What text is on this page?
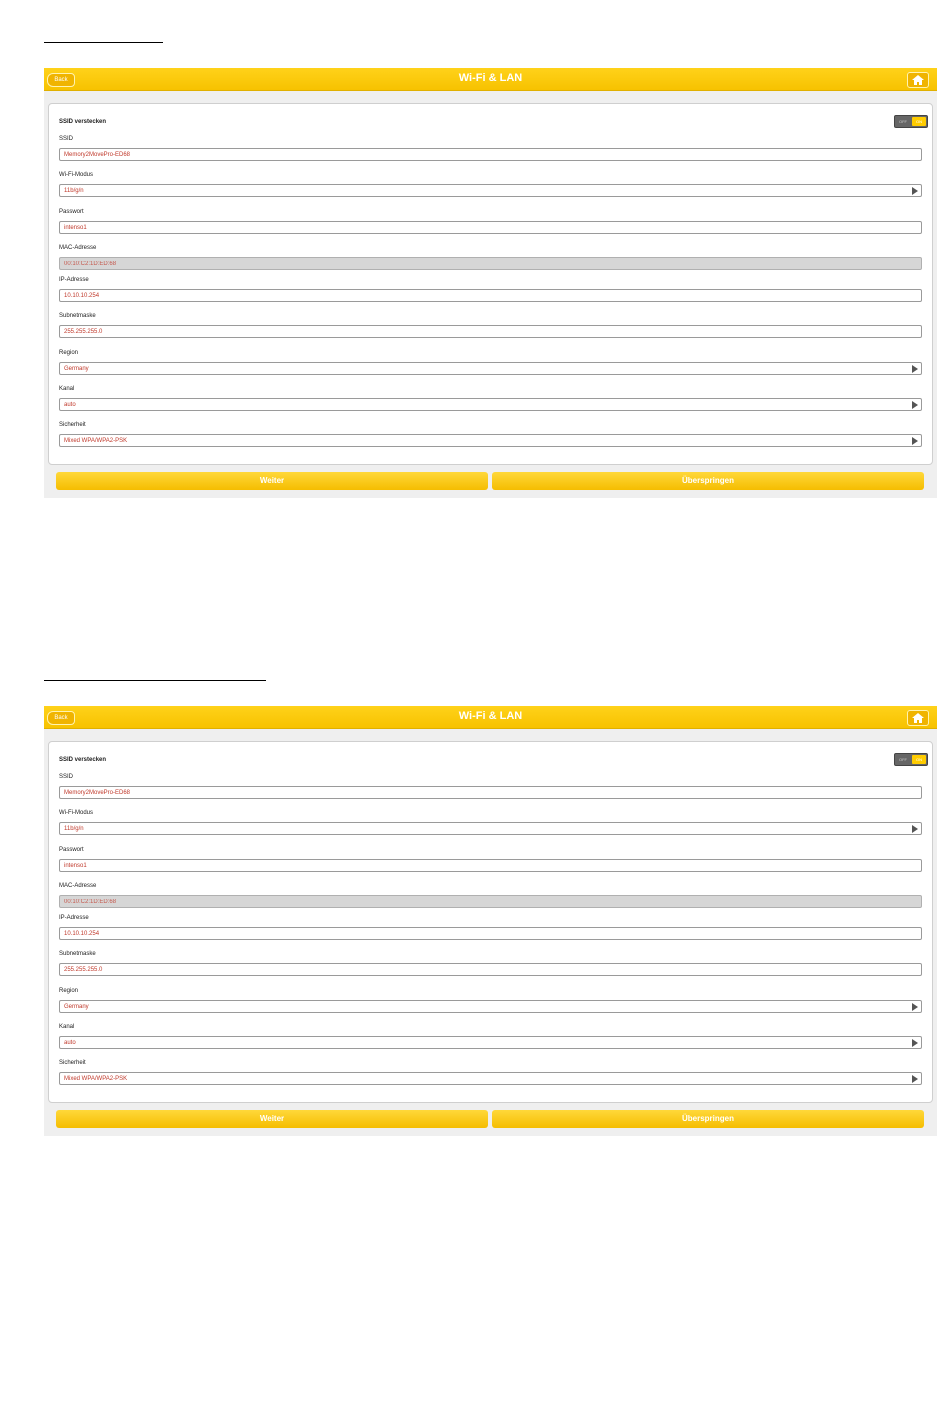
Back	Wi-Fi & LAN
SSID verstecken	OFF	ON
SSID
Memory2MovePro-ED68
Wi-Fi-Modus
11b/g/n
Passwort
intenso1
MAC-Adresse
00:10:C2:1D:ED:68
IP-Adresse
10.10.10.254
Subnetmaske
255.255.255.0
Region
Germany
Kanal
auto
Sicherheit
Mixed WPA/WPA2-PSK
Weiter	Überspringen
Back	Wi-Fi & LAN
SSID verstecken	OFF	ON
SSID
Memory2MovePro-ED68
Wi-Fi-Modus
11b/g/n
Passwort
intenso1
MAC-Adresse
00:10:C2:1D:ED:68
IP-Adresse
10.10.10.254
Subnetmaske
255.255.255.0
Region
Germany
Kanal
auto
Sicherheit
Mixed WPA/WPA2-PSK
Weiter	Überspringen
